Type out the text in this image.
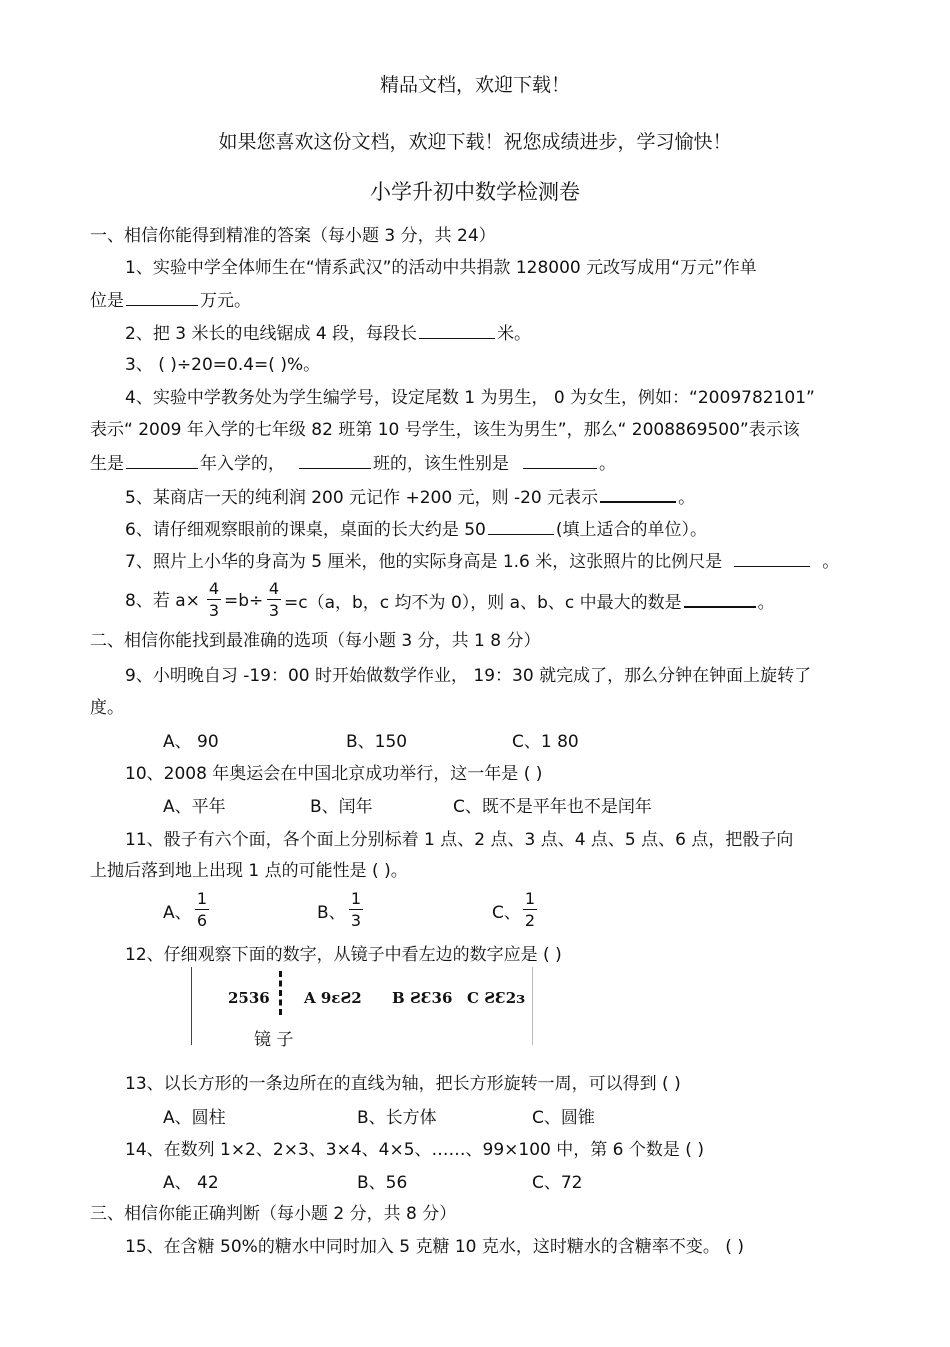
精品文档，欢迎下载！
如果您喜欢这份文档，欢迎下载！祝您成绩进步，学习愉快！
小学升初中数学检测卷
一、相信你能得到精准的答案（每小题 3 分，共 24）
1、实验中学全体师生在“情系武汉”的活动中共捐款 128000 元改写成用“万元”作单
位是	万元。
2、把 3 米长的电线锯成 4 段，每段长	米。
3、 ( )÷20=0.4=( )%。
4、实验中学教务处为学生编学号，设定尾数 1 为男生， 0 为女生，例如：“2009782101”
表示“ 2009 年入学的七年级 82 班第 10 号学生，该生为男生”，那么“ 2008869500”表示该
生是	年入学的，	班的，该生性别是	。
5、某商店一天的纯利润 200 元记作 +200 元，则 -20 元表示	。
6、请仔细观察眼前的课桌，桌面的长大约是 50	(填上适合的单位）。
7、照片上小华的身高为 5 厘米，他的实际身高是 1.6 米，这张照片的比例尺是	。
8、若 a×
4
3 =b÷
4
3 =c（a，b，c 均不为 0），则 a、b、c 中最大的数是	。
二、相信你能找到最准确的选项（每小题 3 分，共 1 8 分）
9、小明晚自习 -19：00 时开始做数学作业， 19：30 就完成了，那么分钟在钟面上旋转了
度。
A、 90	B、150	C、1 80
10、2008 年奥运会在中国北京成功举行，这一年是 ( )
A、平年	B、闰年	C、既不是平年也不是闰年
11、骰子有六个面，各个面上分别标着 1 点、2 点、3 点、4 点、5 点、6 点，把骰子向
上抛后落到地上出现 1 点的可能性是 ( )。
A、
1
6	B、
1
3	C、
1
2
12、仔细观察下面的数字，从镜子中看左边的数字应是 ( )
2536 A 9ɛƧ2 B ƧƐ36 C ƧƐ2ɜ
镜 子
13、以长方形的一条边所在的直线为轴，把长方形旋转一周，可以得到 ( )
A、圆柱	B、长方体	C、圆锥
14、在数列 1×2、2×3、3×4、4×5、……、99×100 中，第 6 个数是 ( )
A、 42	B、56	C、72
三、相信你能正确判断（每小题 2 分，共 8 分）
15、在含糖 50%的糖水中同时加入 5 克糖 10 克水，这时糖水的含糖率不变。 ( )
